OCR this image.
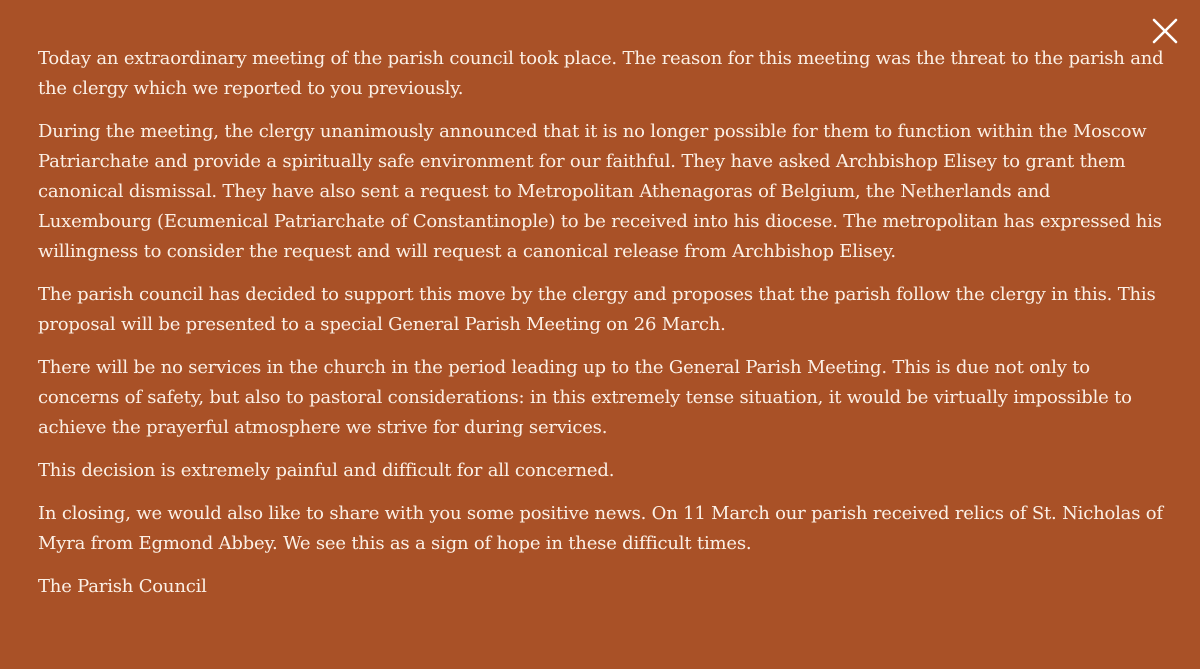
Today an extraordinary meeting of the parish council took place. The reason for this meeting was the threat to the parish and the clergy which we reported to you previously.

During the meeting, the clergy unanimously announced that it is no longer possible for them to function within the Moscow Patriarchate and provide a spiritually safe environment for our faithful. They have asked Archbishop Elisey to grant them canonical dismissal. They have also sent a request to Metropolitan Athenagoras of Belgium, the Netherlands and Luxembourg (Ecumenical Patriarchate of Constantinople) to be received into his diocese. The metropolitan has expressed his willingness to consider the request and will request a canonical release from Archbishop Elisey.

The parish council has decided to support this move by the clergy and proposes that the parish follow the clergy in this. This proposal will be presented to a special General Parish Meeting on 26 March.

There will be no services in the church in the period leading up to the General Parish Meeting. This is due not only to concerns of safety, but also to pastoral considerations: in this extremely tense situation, it would be virtually impossible to achieve the prayerful atmosphere we strive for during services.

This decision is extremely painful and difficult for all concerned.

In closing, we would also like to share with you some positive news. On 11 March our parish received relics of St. Nicholas of Myra from Egmond Abbey. We see this as a sign of hope in these difficult times.

The Parish Council
